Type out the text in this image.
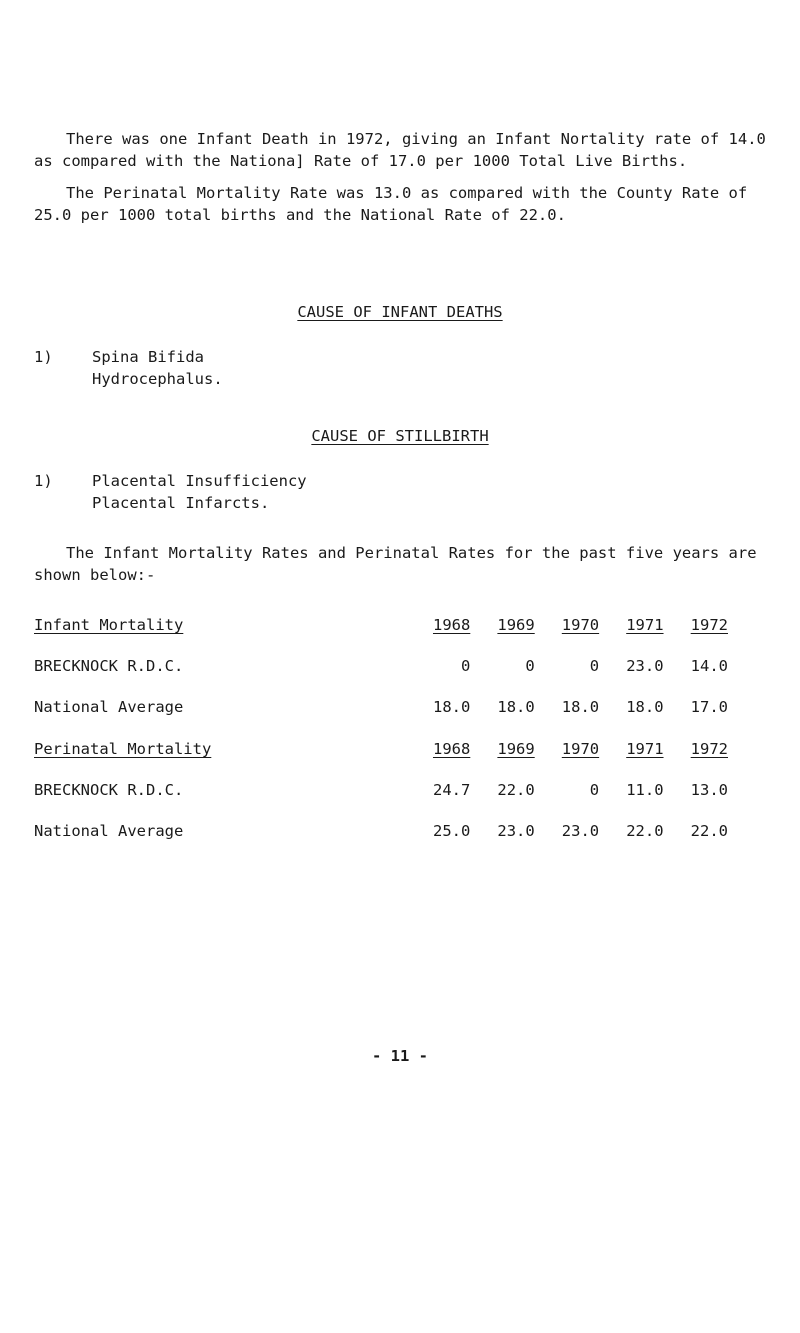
There was one Infant Death in 1972, giving an Infant Nortality rate of 14.0 as compared with the Nationa] Rate of 17.0 per 1000 Total Live Births.

The Perinatal Mortality Rate was 13.0 as compared with the County Rate of 25.0 per 1000 total births and the National Rate of 22.0.

CAUSE OF INFANT DEATHS

1)	Spina Bifida
Hydrocephalus.

CAUSE OF STILLBIRTH

1)	Placental Insufficiency
Placental Infarcts.

The Infant Mortality Rates and Perinatal Rates for the past five years are shown below:-

Infant Mortality	1968	1969	1970	1971	1972
BRECKNOCK R.D.C.	0	0	0	23.0	14.0
National Average	18.0	18.0	18.0	18.0	17.0
Perinatal Mortality	1968	1969	1970	1971	1972
BRECKNOCK R.D.C.	24.7	22.0	0	11.0	13.0
National Average	25.0	23.0	23.0	22.0	22.0
- 11 -
